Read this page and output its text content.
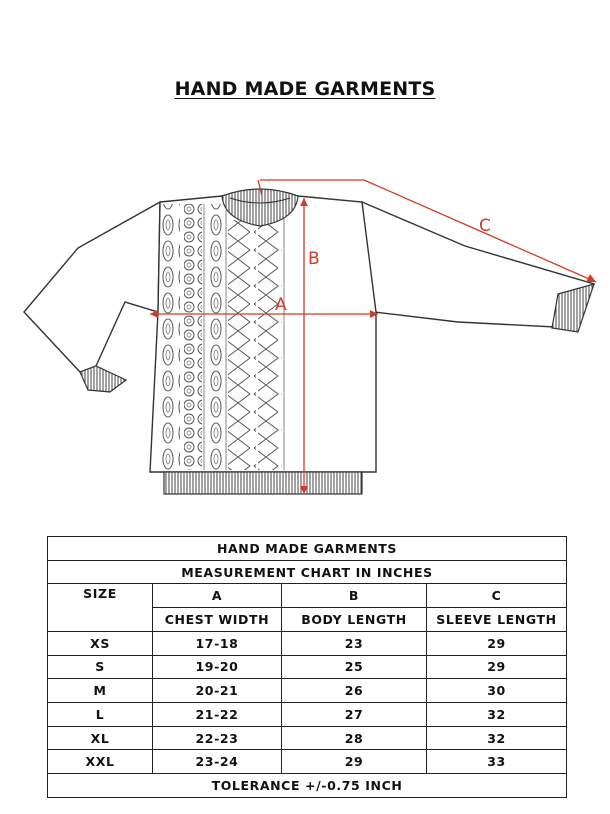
HAND MADE GARMENTS
A
B
C
HAND MADE GARMENTS			
MEASUREMENT CHART IN INCHES			
SIZE	A	B	C
	CHEST WIDTH	BODY LENGTH	SLEEVE LENGTH
XS	17-18	23	29
S	19-20	25	29
M	20-21	26	30
L	21-22	27	32
XL	22-23	28	32
XXL	23-24	29	33
TOLERANCE +/-0.75 INCH			
